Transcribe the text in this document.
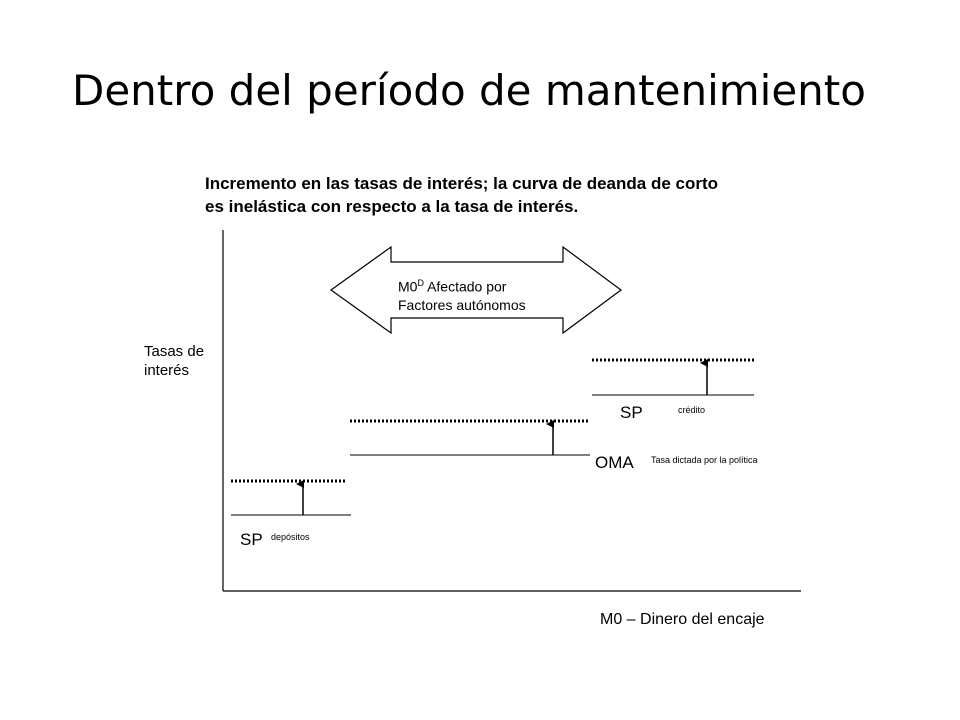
Dentro del período de mantenimiento
Incremento en las tasas de interés; la curva de deanda de corto
es inelástica con respecto a la tasa de interés.
Tasas de
interés
M0 – Dinero del encaje
$M0^D$ Afectado por
Factores autónomos
SP depósitos
OMA Tasa dictada por la política
SP	crédito
